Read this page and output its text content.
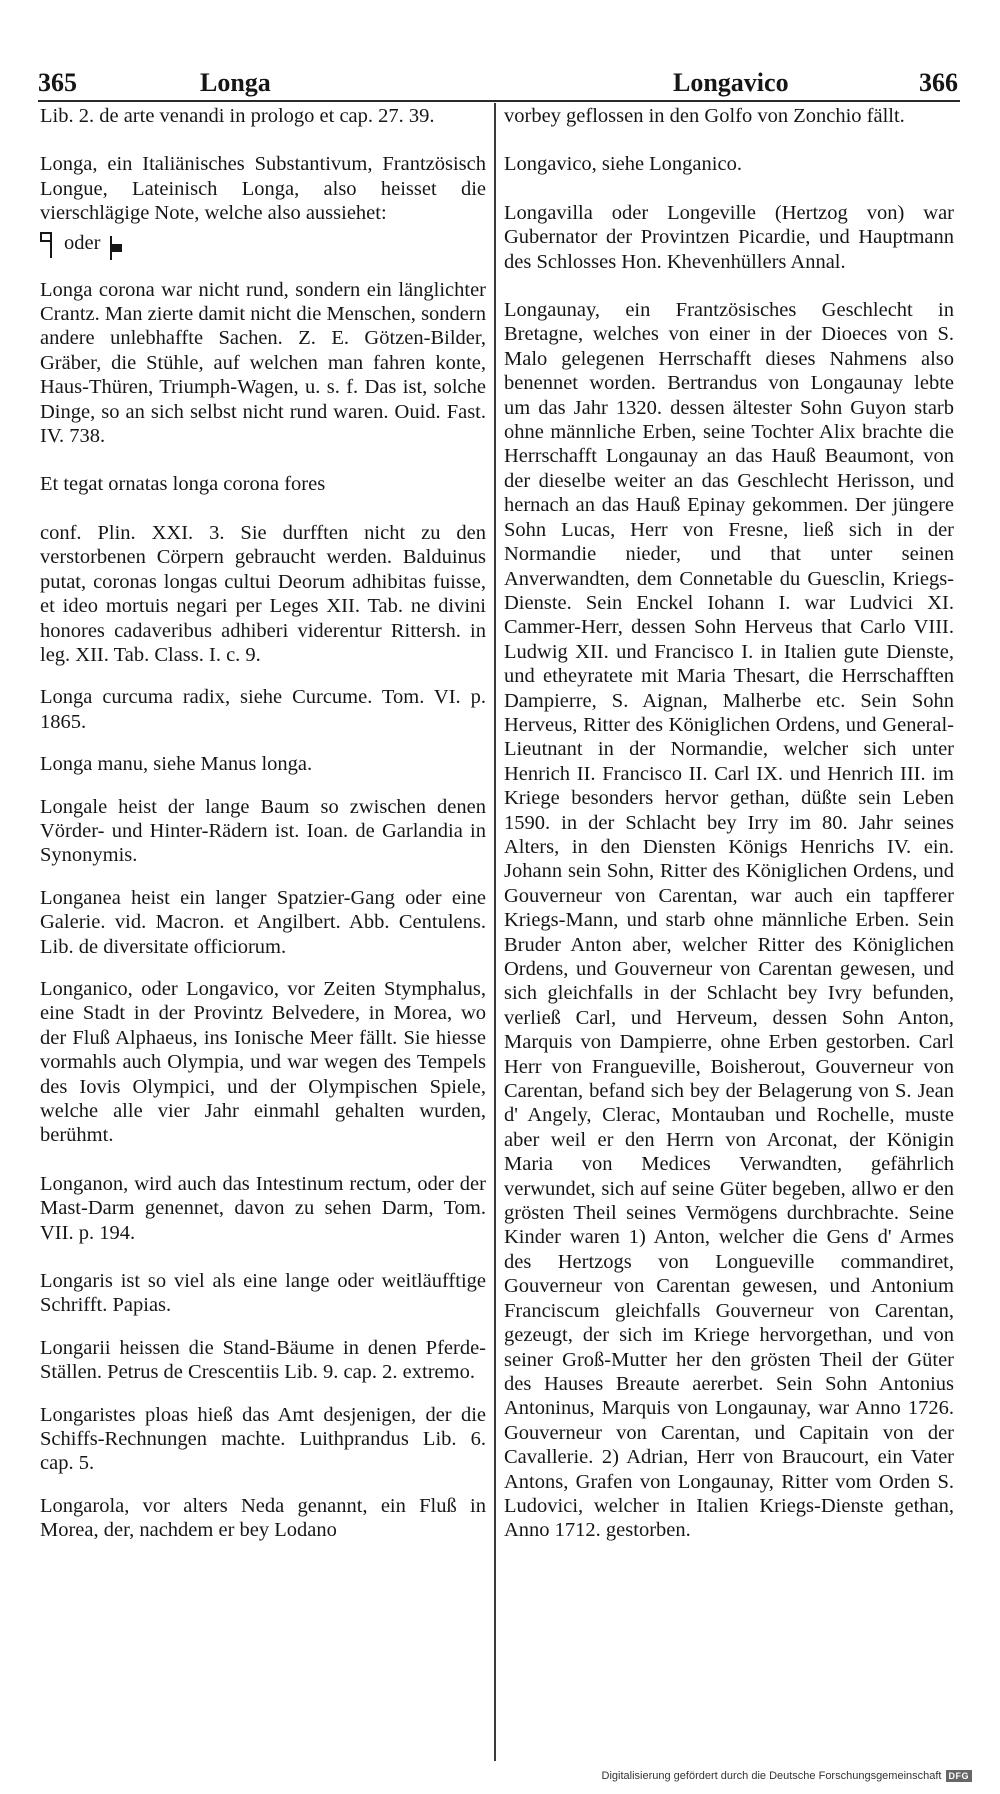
365	Longa	Longavico	366

Lib. 2. de arte venandi in prologo et cap. 27. 39.

Longa, ein Italiänisches Substantivum, Frantzösisch Longue, Lateinisch Longa, also heisset die vierschlägige Note, welche also aussiehet:

oder

Longa corona war nicht rund, sondern ein länglichter Crantz. Man zierte damit nicht die Menschen, sondern andere unlebhaffte Sachen. Z. E. Götzen-Bilder, Gräber, die Stühle, auf welchen man fahren konte, Haus-Thüren, Triumph-Wagen, u. s. f. Das ist, solche Dinge, so an sich selbst nicht rund waren. Ouid. Fast. IV. 738.

Et tegat ornatas longa corona fores

conf. Plin. XXI. 3. Sie durfften nicht zu den verstorbenen Cörpern gebraucht werden. Balduinus putat, coronas longas cultui Deorum adhibitas fuisse, et ideo mortuis negari per Leges XII. Tab. ne divini honores cadaveribus adhiberi viderentur Rittersh. in leg. XII. Tab. Class. I. c. 9.

Longa curcuma radix, siehe Curcume. Tom. VI. p. 1865.

Longa manu, siehe Manus longa.

Longale heist der lange Baum so zwischen denen Vörder- und Hinter-Rädern ist. Ioan. de Garlandia in Synonymis.

Longanea heist ein langer Spatzier-Gang oder eine Galerie. vid. Macron. et Angilbert. Abb. Centulens. Lib. de diversitate officiorum.

Longanico, oder Longavico, vor Zeiten Stymphalus, eine Stadt in der Provintz Belvedere, in Morea, wo der Fluß Alphaeus, ins Ionische Meer fällt. Sie hiesse vormahls auch Olympia, und war wegen des Tempels des Iovis Olympici, und der Olympischen Spiele, welche alle vier Jahr einmahl gehalten wurden, berühmt.

Longanon, wird auch das Intestinum rectum, oder der Mast-Darm genennet, davon zu sehen Darm, Tom. VII. p. 194.

Longaris ist so viel als eine lange oder weitläufftige Schrifft. Papias.

Longarii heissen die Stand-Bäume in denen Pferde-Ställen. Petrus de Crescentiis Lib. 9. cap. 2. extremo.

Longaristes ploas hieß das Amt desjenigen, der die Schiffs-Rechnungen machte. Luithprandus Lib. 6. cap. 5.

Longarola, vor alters Neda genannt, ein Fluß in Morea, der, nachdem er bey Lodano

vorbey geflossen in den Golfo von Zonchio fällt.

Longavico, siehe Longanico.

Longavilla oder Longeville (Hertzog von) war Gubernator der Provintzen Picardie, und Hauptmann des Schlosses Hon. Khevenhüllers Annal.

Longaunay, ein Frantzösisches Geschlecht in Bretagne, welches von einer in der Dioeces von S. Malo gelegenen Herrschafft dieses Nahmens also benennet worden. Bertrandus von Longaunay lebte um das Jahr 1320. dessen ältester Sohn Guyon starb ohne männliche Erben, seine Tochter Alix brachte die Herrschafft Longaunay an das Hauß Beaumont, von der dieselbe weiter an das Geschlecht Herisson, und hernach an das Hauß Epinay gekommen. Der jüngere Sohn Lucas, Herr von Fresne, ließ sich in der Normandie nieder, und that unter seinen Anverwandten, dem Connetable du Guesclin, Kriegs-Dienste. Sein Enckel Iohann I. war Ludvici XI. Cammer-Herr, dessen Sohn Herveus that Carlo VIII. Ludwig XII. und Francisco I. in Italien gute Dienste, und etheyratete mit Maria Thesart, die Herrschafften Dampierre, S. Aignan, Malherbe etc. Sein Sohn Herveus, Ritter des Königlichen Ordens, und General-Lieutnant in der Normandie, welcher sich unter Henrich II. Francisco II. Carl IX. und Henrich III. im Kriege besonders hervor gethan, düßte sein Leben 1590. in der Schlacht bey Irry im 80. Jahr seines Alters, in den Diensten Königs Henrichs IV. ein. Johann sein Sohn, Ritter des Königlichen Ordens, und Gouverneur von Carentan, war auch ein tapfferer Kriegs-Mann, und starb ohne männliche Erben. Sein Bruder Anton aber, welcher Ritter des Königlichen Ordens, und Gouverneur von Carentan gewesen, und sich gleichfalls in der Schlacht bey Ivry befunden, verließ Carl, und Herveum, dessen Sohn Anton, Marquis von Dampierre, ohne Erben gestorben. Carl Herr von Frangueville, Boisherout, Gouverneur von Carentan, befand sich bey der Belagerung von S. Jean d' Angely, Clerac, Montauban und Rochelle, muste aber weil er den Herrn von Arconat, der Königin Maria von Medices Verwandten, gefährlich verwundet, sich auf seine Güter begeben, allwo er den grösten Theil seines Vermögens durchbrachte. Seine Kinder waren 1) Anton, welcher die Gens d' Armes des Hertzogs von Longueville commandiret, Gouverneur von Carentan gewesen, und Antonium Franciscum gleichfalls Gouverneur von Carentan, gezeugt, der sich im Kriege hervorgethan, und von seiner Groß-Mutter her den grösten Theil der Güter des Hauses Breaute aererbet. Sein Sohn Antonius Antoninus, Marquis von Longaunay, war Anno 1726. Gouverneur von Carentan, und Capitain von der Cavallerie. 2) Adrian, Herr von Braucourt, ein Vater Antons, Grafen von Longaunay, Ritter vom Orden S. Ludovici, welcher in Italien Kriegs-Dienste gethan, Anno 1712. gestorben.

Digitalisierung gefördert durch die Deutsche Forschungsgemeinschaft DFG
